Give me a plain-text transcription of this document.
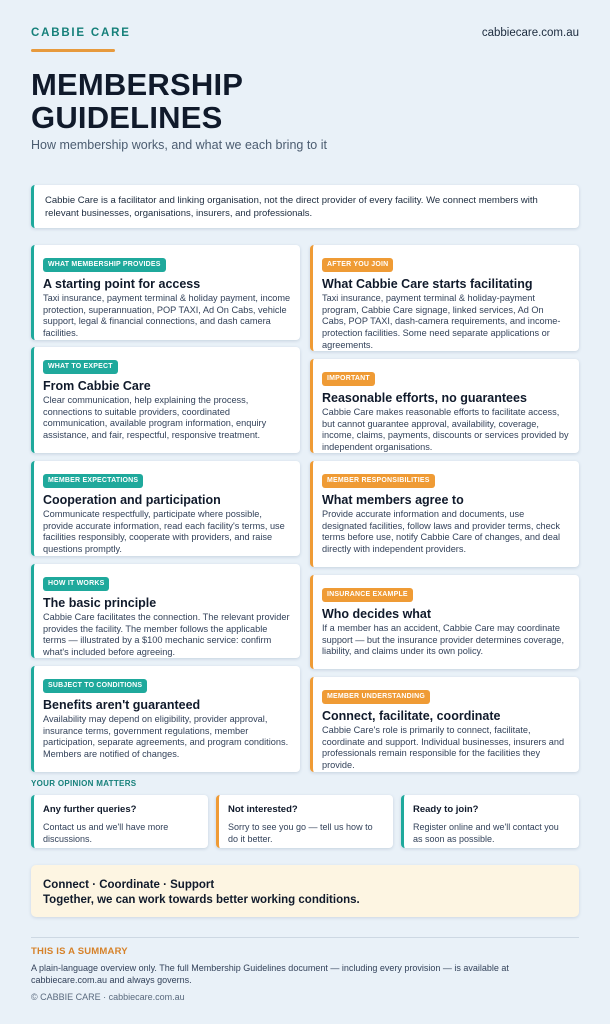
CABBIE CARE	cabbiecare.com.au
MEMBERSHIP
GUIDELINES
How membership works, and what we each bring to it
Cabbie Care is a facilitator and linking organisation, not the direct provider of every facility. We connect members with relevant businesses, organisations, insurers, and professionals.
WHAT MEMBERSHIP PROVIDES
A starting point for access
Taxi insurance, payment terminal & holiday payment, income protection, superannuation, POP TAXI, Ad On Cabs, vehicle support, legal & financial connections, and dash camera facilities.
WHAT TO EXPECT
From Cabbie Care
Clear communication, help explaining the process, connections to suitable providers, coordinated communication, available program information, enquiry assistance, and fair, respectful, responsive treatment.
MEMBER EXPECTATIONS
Cooperation and participation
Communicate respectfully, participate where possible, provide accurate information, read each facility's terms, use facilities responsibly, cooperate with providers, and raise questions promptly.
HOW IT WORKS
The basic principle
Cabbie Care facilitates the connection. The relevant provider provides the facility. The member follows the applicable terms — illustrated by a $100 mechanic service: confirm what's included before agreeing.
SUBJECT TO CONDITIONS
Benefits aren't guaranteed
Availability may depend on eligibility, provider approval, insurance terms, government regulations, member participation, separate agreements, and program conditions. Members are notified of changes.
AFTER YOU JOIN
What Cabbie Care starts facilitating
Taxi insurance, payment terminal & holiday-payment program, Cabbie Care signage, linked services, Ad On Cabs, POP TAXI, dash-camera requirements, and income-protection facilities. Some need separate applications or agreements.
IMPORTANT
Reasonable efforts, no guarantees
Cabbie Care makes reasonable efforts to facilitate access, but cannot guarantee approval, availability, coverage, income, claims, payments, discounts or services provided by independent organisations.
MEMBER RESPONSIBILITIES
What members agree to
Provide accurate information and documents, use designated facilities, follow laws and provider terms, check terms before use, notify Cabbie Care of changes, and deal directly with independent providers.
INSURANCE EXAMPLE
Who decides what
If a member has an accident, Cabbie Care may coordinate support — but the insurance provider determines coverage, liability, and claims under its own policy.
MEMBER UNDERSTANDING
Connect, facilitate, coordinate
Cabbie Care's role is primarily to connect, facilitate, coordinate and support. Individual businesses, insurers and professionals remain responsible for the facilities they provide.
YOUR OPINION MATTERS
Any further queries?
Contact us and we'll have more discussions.
Not interested?
Sorry to see you go — tell us how to do it better.
Ready to join?
Register online and we'll contact you as soon as possible.
Connect · Coordinate · Support
Together, we can work towards better working conditions.
THIS IS A SUMMARY
A plain-language overview only. The full Membership Guidelines document — including every provision — is available at cabbiecare.com.au and always governs.
© CABBIE CARE · cabbiecare.com.au
